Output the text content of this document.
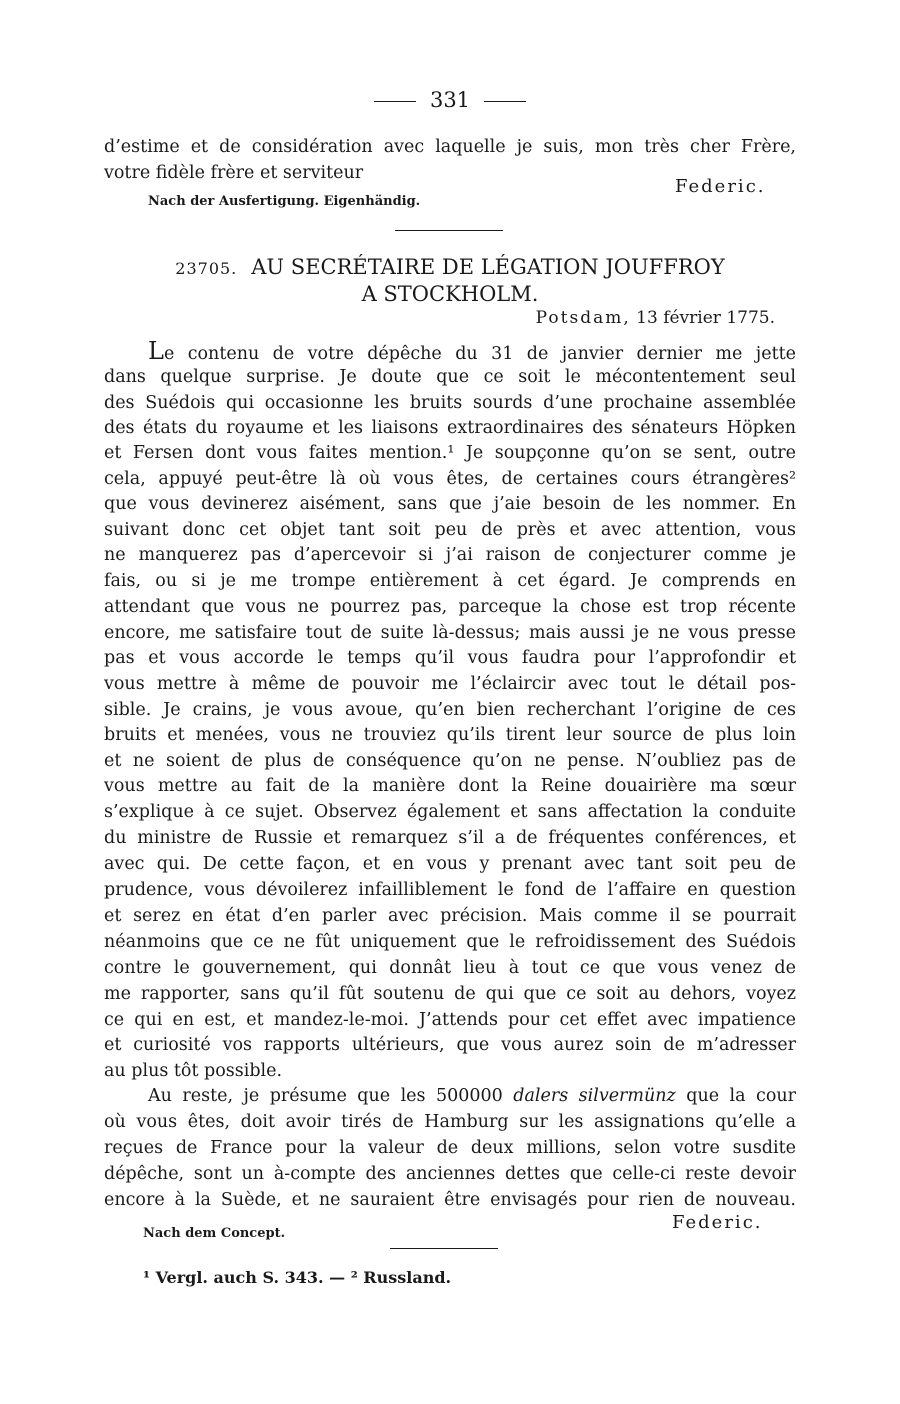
331
d’estime et de considération avec laquelle je suis, mon très cher Frère,
votre fidèle frère et serviteur
Federic.
Nach der Ausfertigung. Eigenhändig.
23705. AU SECRÉTAIRE DE LÉGATION JOUFFROY
A STOCKHOLM.
Potsdam, 13 février 1775.
Le contenu de votre dépêche du 31 de janvier dernier me jette
dans quelque surprise. Je doute que ce soit le mécontentement seul
des Suédois qui occasionne les bruits sourds d’une prochaine assemblée
des états du royaume et les liaisons extraordinaires des sénateurs Höpken
et Fersen dont vous faites mention.¹ Je soupçonne qu’on se sent, outre
cela, appuyé peut-être là où vous êtes, de certaines cours étrangères²
que vous devinerez aisément, sans que j’aie besoin de les nommer. En
suivant donc cet objet tant soit peu de près et avec attention, vous
ne manquerez pas d’apercevoir si j’ai raison de conjecturer comme je
fais, ou si je me trompe entièrement à cet égard. Je comprends en
attendant que vous ne pourrez pas, parceque la chose est trop récente
encore, me satisfaire tout de suite là-dessus; mais aussi je ne vous presse
pas et vous accorde le temps qu’il vous faudra pour l’approfondir et
vous mettre à même de pouvoir me l’éclaircir avec tout le détail pos-
sible. Je crains, je vous avoue, qu’en bien recherchant l’origine de ces
bruits et menées, vous ne trouviez qu’ils tirent leur source de plus loin
et ne soient de plus de conséquence qu’on ne pense. N’oubliez pas de
vous mettre au fait de la manière dont la Reine douairière ma sœur
s’explique à ce sujet. Observez également et sans affectation la conduite
du ministre de Russie et remarquez s’il a de fréquentes conférences, et
avec qui. De cette façon, et en vous y prenant avec tant soit peu de
prudence, vous dévoilerez infailliblement le fond de l’affaire en question
et serez en état d’en parler avec précision. Mais comme il se pourrait
néanmoins que ce ne fût uniquement que le refroidissement des Suédois
contre le gouvernement, qui donnât lieu à tout ce que vous venez de
me rapporter, sans qu’il fût soutenu de qui que ce soit au dehors, voyez
ce qui en est, et mandez-le-moi. J’attends pour cet effet avec impatience
et curiosité vos rapports ultérieurs, que vous aurez soin de m’adresser
au plus tôt possible.
Au reste, je présume que les 500000 dalers silvermünz que la cour
où vous êtes, doit avoir tirés de Hamburg sur les assignations qu’elle a
reçues de France pour la valeur de deux millions, selon votre susdite
dépêche, sont un à-compte des anciennes dettes que celle-ci reste devoir
encore à la Suède, et ne sauraient être envisagés pour rien de nouveau.
Federic.
Nach dem Concept.
¹ Vergl. auch S. 343. — ² Russland.
